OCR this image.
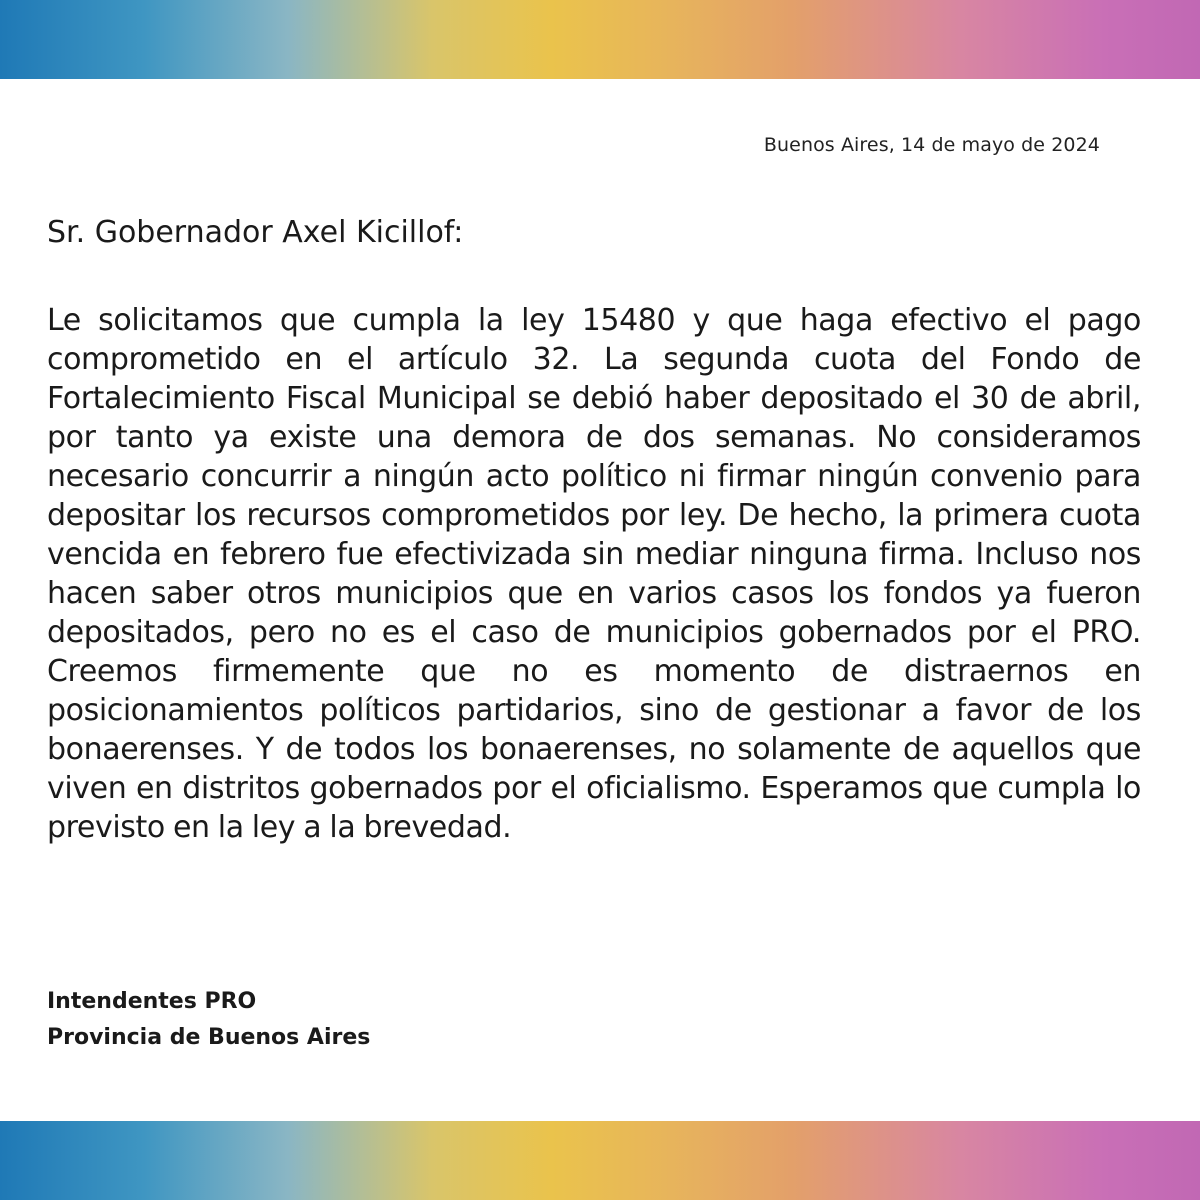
Buenos Aires, 14 de mayo de 2024
Sr. Gobernador Axel Kicillof:

Le solicitamos que cumpla la ley 15480 y que haga efectivo el pago comprometido en el artículo 32. La segunda cuota del Fondo de Fortalecimiento Fiscal Municipal se debió haber depositado el 30 de abril, por tanto ya existe una demora de dos semanas. No consideramos necesario concurrir a ningún acto político ni firmar ningún convenio para depositar los recursos comprometidos por ley. De hecho, la primera cuota vencida en febrero fue efectivizada sin mediar ninguna firma. Incluso nos hacen saber otros municipios que en varios casos los fondos ya fueron depositados, pero no es el caso de municipios gobernados por el PRO. Creemos firmemente que no es momento de distraernos en posicionamientos políticos partidarios, sino de gestionar a favor de los bonaerenses. Y de todos los bonaerenses, no solamente de aquellos que viven en distritos gobernados por el oficialismo. Esperamos que cumpla lo previsto en la ley a la brevedad.

Intendentes PRO
Provincia de Buenos Aires
